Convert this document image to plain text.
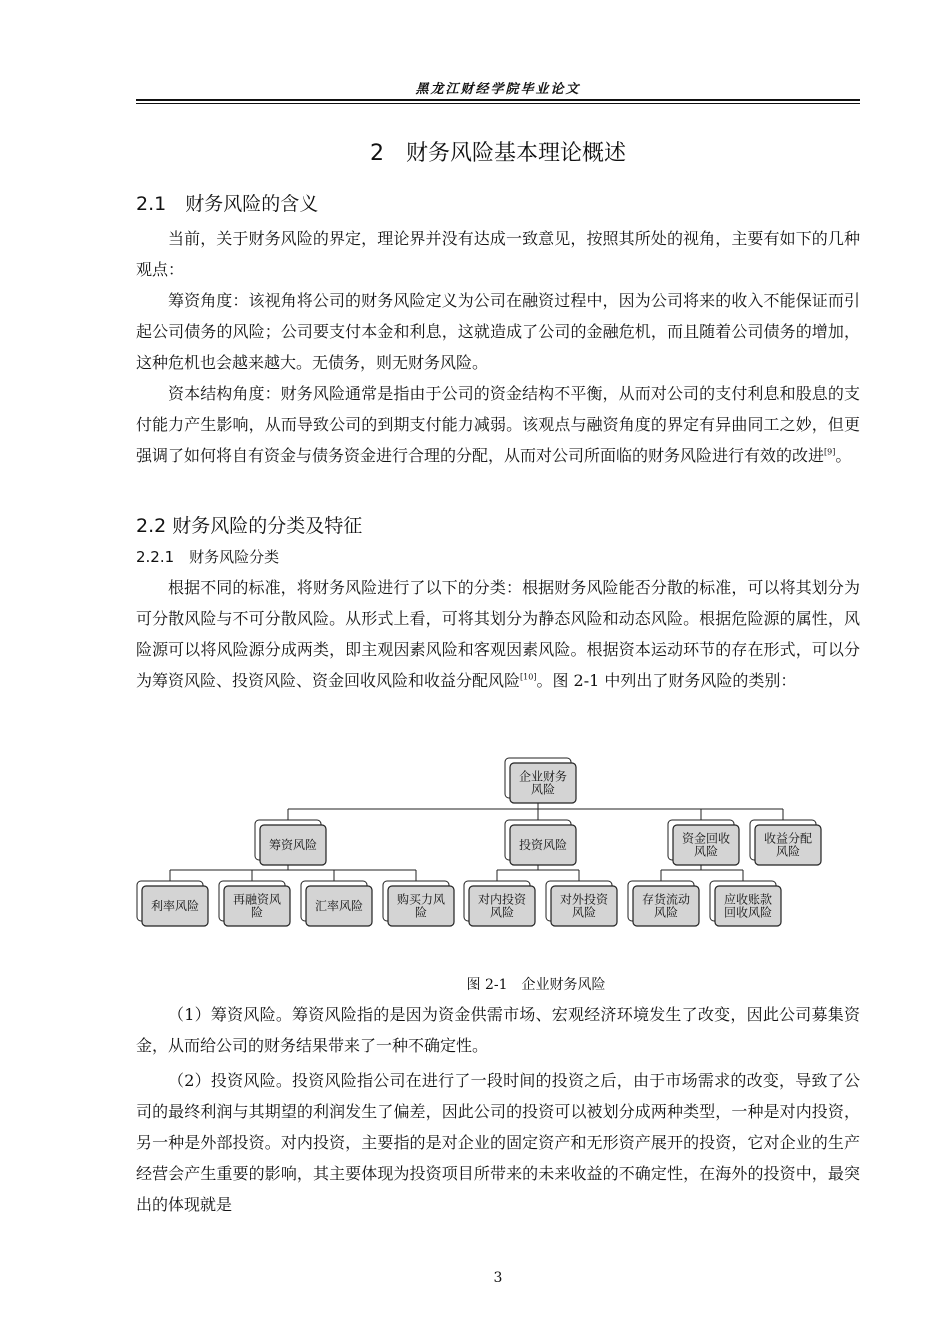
黑龙江财经学院毕业论文
2　财务风险基本理论概述
2.1　财务风险的含义
当前，关于财务风险的界定，理论界并没有达成一致意见，按照其所处的视角，主要有如下的几种观点：
筹资角度：该视角将公司的财务风险定义为公司在融资过程中，因为公司将来的收入不能保证而引起公司债务的风险；公司要支付本金和利息，这就造成了公司的金融危机，而且随着公司债务的增加，这种危机也会越来越大。无债务，则无财务风险。
资本结构角度：财务风险通常是指由于公司的资金结构不平衡，从而对公司的支付利息和股息的支付能力产生影响，从而导致公司的到期支付能力减弱。该观点与融资角度的界定有异曲同工之妙，但更强调了如何将自有资金与债务资金进行合理的分配，从而对公司所面临的财务风险进行有效的改进[9]。
2.2 财务风险的分类及特征
2.2.1　财务风险分类
根据不同的标准，将财务风险进行了以下的分类：根据财务风险能否分散的标准，可以将其划分为可分散风险与不可分散风险。从形式上看，可将其划分为静态风险和动态风险。根据危险源的属性，风险源可以将风险源分成两类，即主观因素风险和客观因素风险。根据资本运动环节的存在形式，可以分为筹资风险、投资风险、资金回收风险和收益分配风险[10]。图 2-1 中列出了财务风险的类别：
企业财务
风险
筹资风险	投资风险	资金回收
风险
收益分配
风险
利率风险	再融资风
险	汇率风险	购买力风
险
对内投资
风险
对外投资
风险
存货流动
风险
应收账款
回收风险
图 2-1　企业财务风险
（1）筹资风险。筹资风险指的是因为资金供需市场、宏观经济环境发生了改变，因此公司募集资金，从而给公司的财务结果带来了一种不确定性。
（2）投资风险。投资风险指公司在进行了一段时间的投资之后，由于市场需求的改变，导致了公司的最终利润与其期望的利润发生了偏差，因此公司的投资可以被划分成两种类型，一种是对内投资，另一种是外部投资。对内投资，主要指的是对企业的固定资产和无形资产展开的投资，它对企业的生产经营会产生重要的影响，其主要体现为投资项目所带来的未来收益的不确定性，在海外的投资中，最突出的体现就是
3
